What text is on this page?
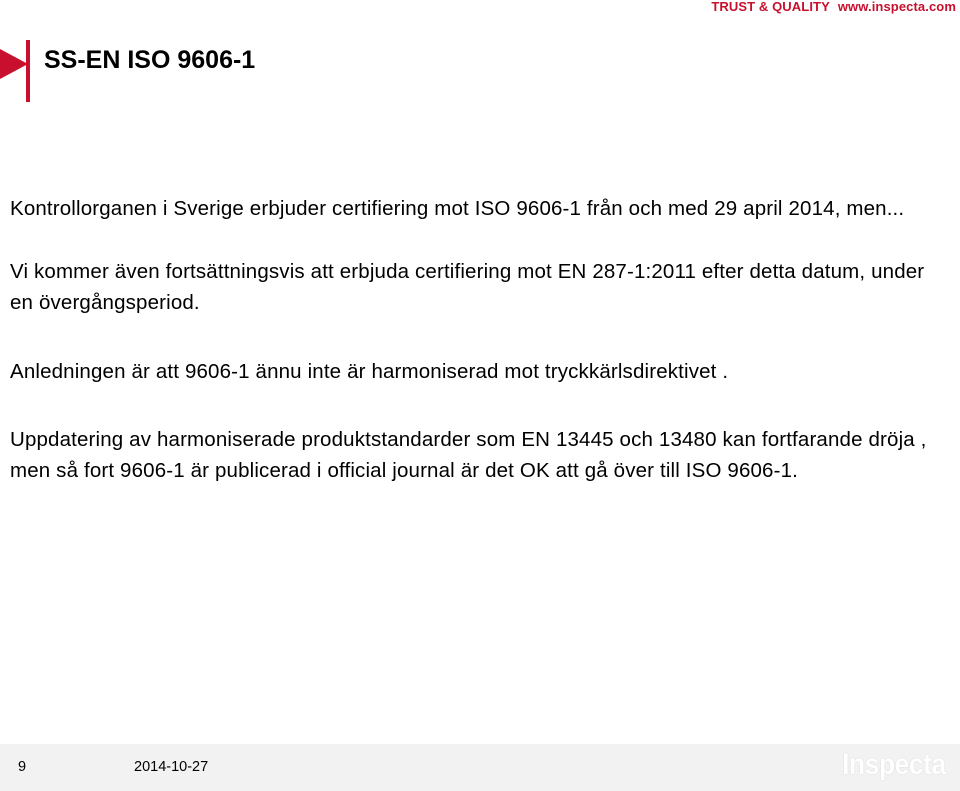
TRUST & QUALITY www.inspecta.com
SS-EN ISO 9606-1

Kontrollorganen i Sverige erbjuder certifiering mot ISO 9606-1 från och med 29 april 2014, men...

Vi kommer även fortsättningsvis att erbjuda certifiering mot EN 287-1:2011 efter detta datum, under en övergångsperiod.

Anledningen är att 9606-1 ännu inte är harmoniserad mot tryckkärlsdirektivet .

Uppdatering av harmoniserade produktstandarder som EN 13445 och 13480 kan fortfarande dröja , men så fort 9606-1 är publicerad i official journal är det OK att gå över till ISO 9606-1.

9	2014-10-27	Inspecta
